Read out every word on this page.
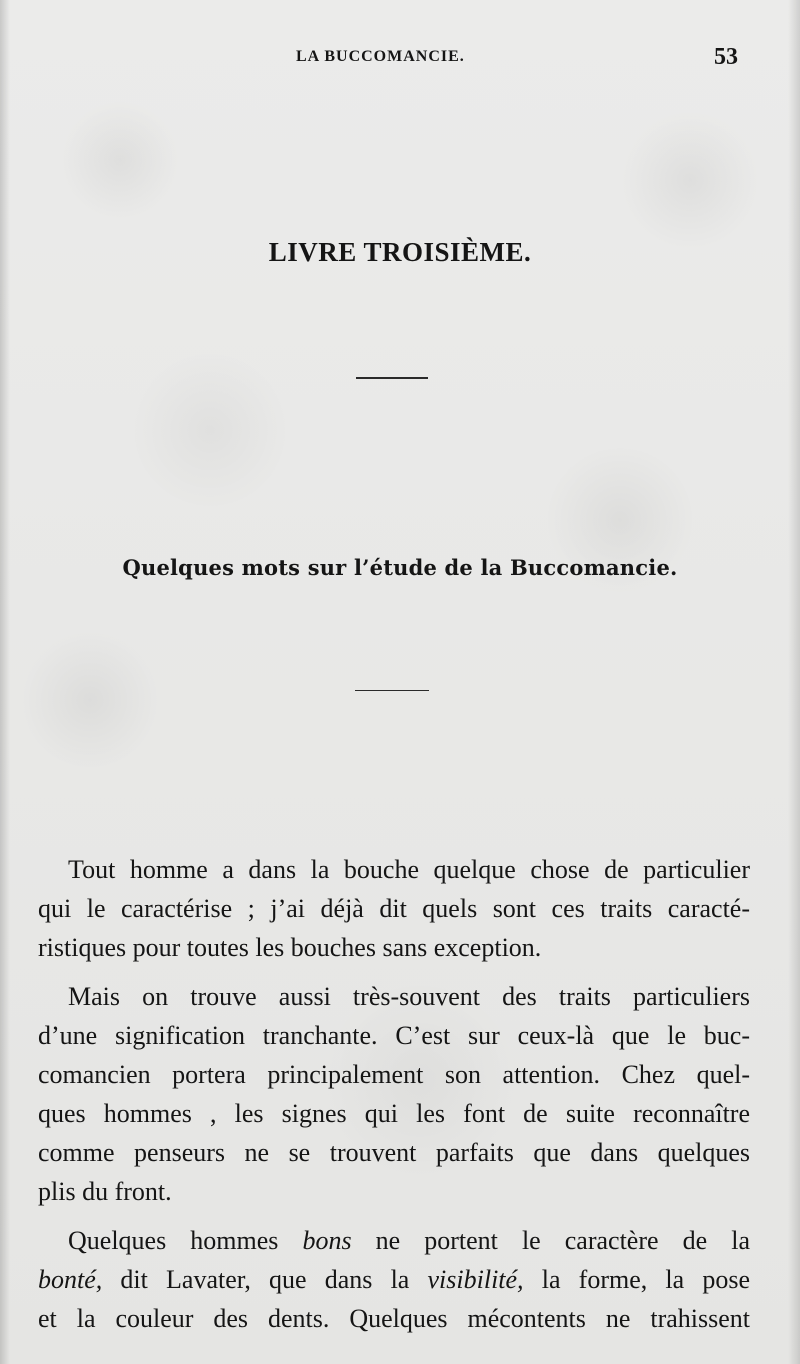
LA BUCCOMANCIE.	53
LIVRE TROISIÈME.
Quelques mots sur l’étude de la Buccomancie.
Tout homme a dans la bouche quelque chose de particulier
qui le caractérise ; j’ai déjà dit quels sont ces traits caracté-
ristiques pour toutes les bouches sans exception.
Mais on trouve aussi très-souvent des traits particuliers
d’une signification tranchante. C’est sur ceux-là que le buc-
comancien portera principalement son attention. Chez quel-
ques hommes , les signes qui les font de suite reconnaître
comme penseurs ne se trouvent parfaits que dans quelques
plis du front.
Quelques hommes bons ne portent le caractère de la
bonté, dit Lavater, que dans la visibilité, la forme, la pose
et la couleur des dents. Quelques mécontents ne trahissent
